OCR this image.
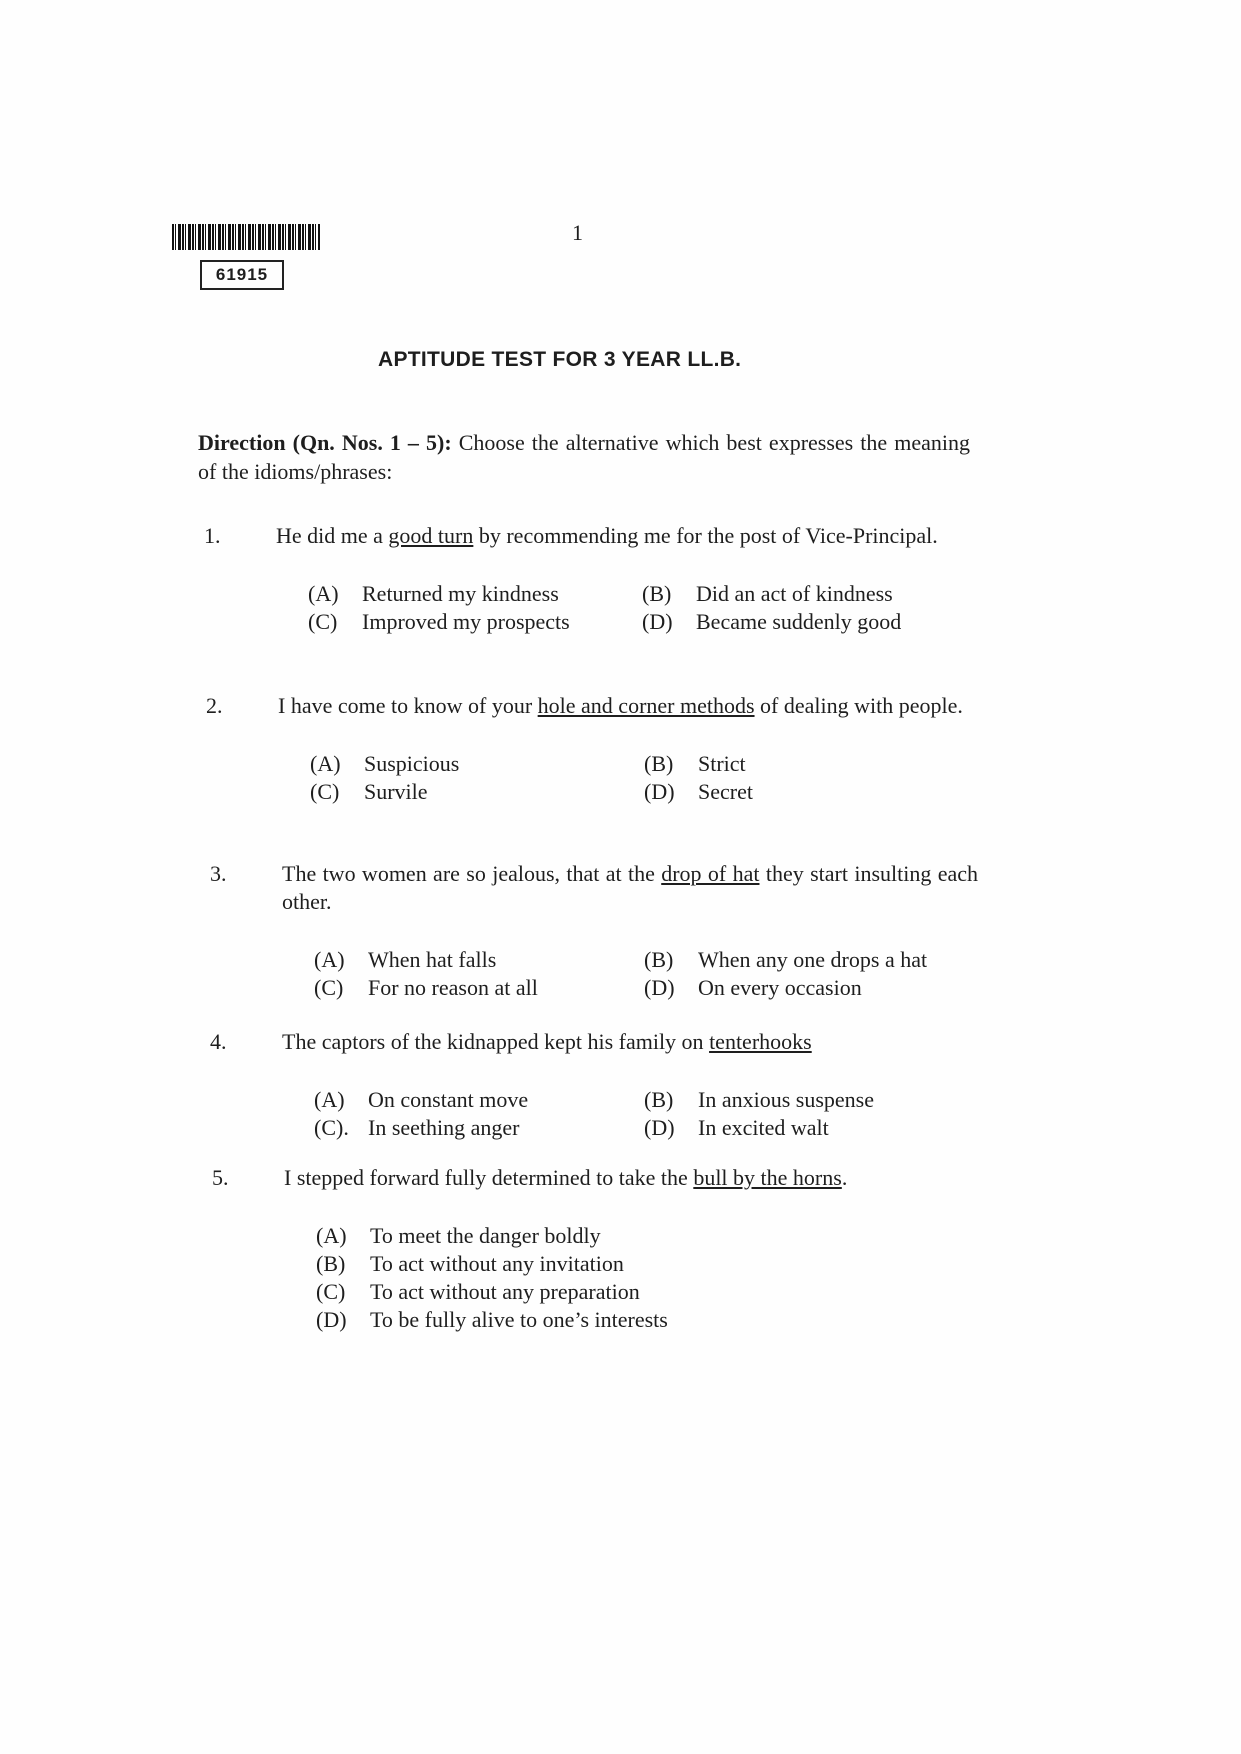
61915
1
APTITUDE TEST FOR 3 YEAR LL.B.
Direction (Qn. Nos. 1 – 5): Choose the alternative which best expresses the meaning of the idioms/phrases:
1.	He did me a good turn by recommending me for the post of Vice-Principal.
(A) Returned my kindness	(B) Did an act of kindness
(C) Improved my prospects	(D) Became suddenly good
2.	I have come to know of your hole and corner methods of dealing with people.
(A) Suspicious	(B) Strict
(C) Survile	(D) Secret
3.	The two women are so jealous, that at the drop of hat they start insulting each other.
(A) When hat falls	(B) When any one drops a hat
(C) For no reason at all	(D) On every occasion
4.	The captors of the kidnapped kept his family on tenterhooks
(A) On constant move	(B) In anxious suspense
(C). In seething anger	(D) In excited walt
5.	I stepped forward fully determined to take the bull by the horns.
(A) To meet the danger boldly
(B) To act without any invitation
(C) To act without any preparation
(D) To be fully alive to one’s interests
